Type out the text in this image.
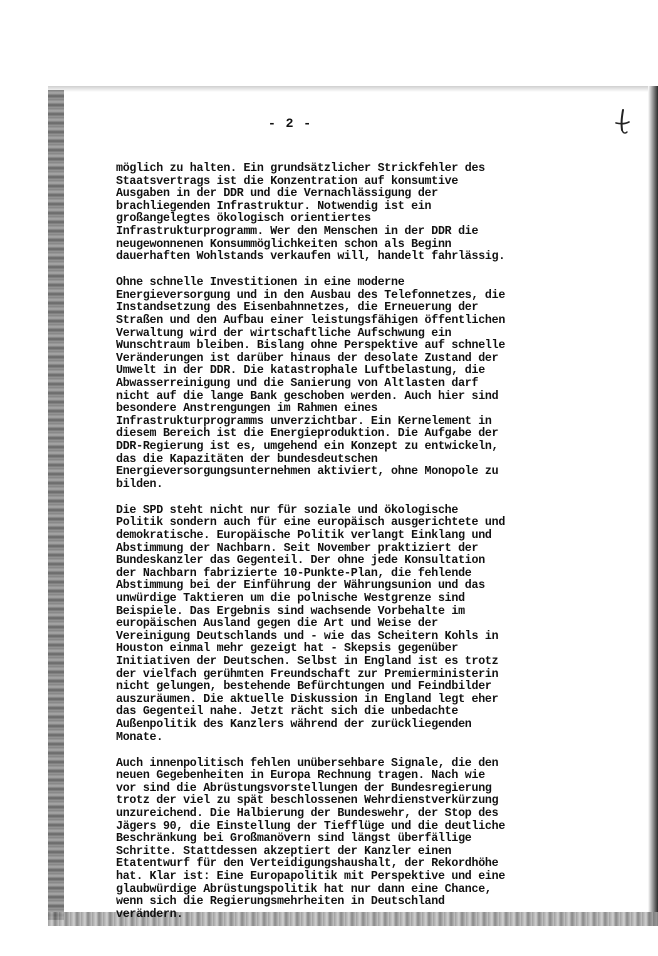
- 2 -
möglich zu halten. Ein grundsätzlicher Strickfehler des
Staatsvertrags ist die Konzentration auf konsumtive
Ausgaben in der DDR und die Vernachlässigung der
brachliegenden Infrastruktur. Notwendig ist ein
großangelegtes ökologisch orientiertes
Infrastrukturprogramm. Wer den Menschen in der DDR die
neugewonnenen Konsummöglichkeiten schon als Beginn
dauerhaften Wohlstands verkaufen will, handelt fahrlässig.
Ohne schnelle Investitionen in eine moderne
Energieversorgung und in den Ausbau des Telefonnetzes, die
Instandsetzung des Eisenbahnnetzes, die Erneuerung der
Straßen und den Aufbau einer leistungsfähigen öffentlichen
Verwaltung wird der wirtschaftliche Aufschwung ein
Wunschtraum bleiben. Bislang ohne Perspektive auf schnelle
Veränderungen ist darüber hinaus der desolate Zustand der
Umwelt in der DDR. Die katastrophale Luftbelastung, die
Abwasserreinigung und die Sanierung von Altlasten darf
nicht auf die lange Bank geschoben werden. Auch hier sind
besondere Anstrengungen im Rahmen eines
Infrastrukturprogramms unverzichtbar. Ein Kernelement in
diesem Bereich ist die Energieproduktion. Die Aufgabe der
DDR-Regierung ist es, umgehend ein Konzept zu entwickeln,
das die Kapazitäten der bundesdeutschen
Energieversorgungsunternehmen aktiviert, ohne Monopole zu
bilden.
Die SPD steht nicht nur für soziale und ökologische
Politik sondern auch für eine europäisch ausgerichtete und
demokratische. Europäische Politik verlangt Einklang und
Abstimmung der Nachbarn. Seit November praktiziert der
Bundeskanzler das Gegenteil. Der ohne jede Konsultation
der Nachbarn fabrizierte 10-Punkte-Plan, die fehlende
Abstimmung bei der Einführung der Währungsunion und das
unwürdige Taktieren um die polnische Westgrenze sind
Beispiele. Das Ergebnis sind wachsende Vorbehalte im
europäischen Ausland gegen die Art und Weise der
Vereinigung Deutschlands und - wie das Scheitern Kohls in
Houston einmal mehr gezeigt hat - Skepsis gegenüber
Initiativen der Deutschen. Selbst in England ist es trotz
der vielfach gerühmten Freundschaft zur Premierministerin
nicht gelungen, bestehende Befürchtungen und Feindbilder
auszuräumen. Die aktuelle Diskussion in England legt eher
das Gegenteil nahe. Jetzt rächt sich die unbedachte
Außenpolitik des Kanzlers während der zurückliegenden
Monate.
Auch innenpolitisch fehlen unübersehbare Signale, die den
neuen Gegebenheiten in Europa Rechnung tragen. Nach wie
vor sind die Abrüstungsvorstellungen der Bundesregierung
trotz der viel zu spät beschlossenen Wehrdienstverkürzung
unzureichend. Die Halbierung der Bundeswehr, der Stop des
Jägers 90, die Einstellung der Tiefflüge und die deutliche
Beschränkung bei Großmanövern sind längst überfällige
Schritte. Stattdessen akzeptiert der Kanzler einen
Etatentwurf für den Verteidigungshaushalt, der Rekordhöhe
hat. Klar ist: Eine Europapolitik mit Perspektive und eine
glaubwürdige Abrüstungspolitik hat nur dann eine Chance,
wenn sich die Regierungsmehrheiten in Deutschland
verändern.
